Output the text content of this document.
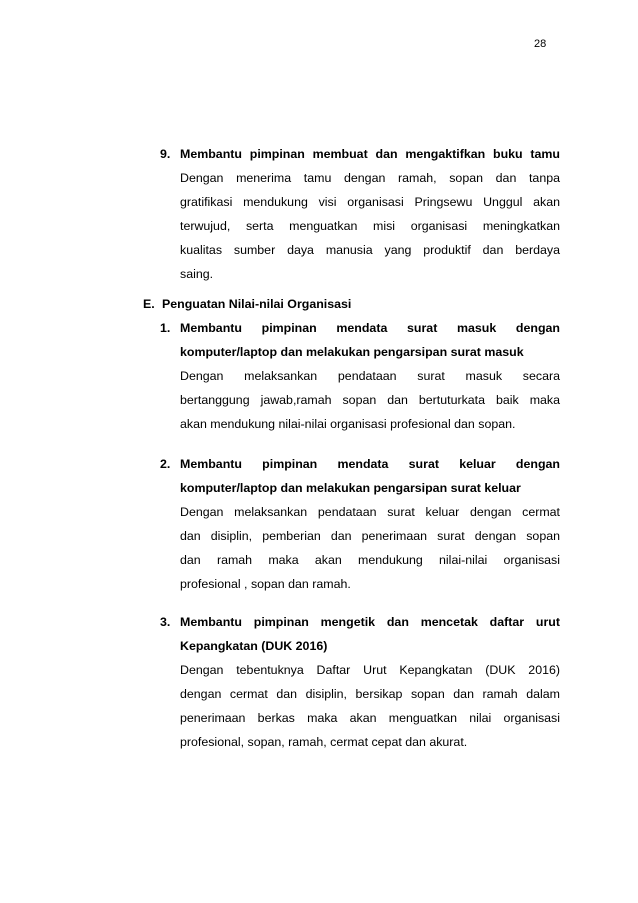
28
9. Membantu pimpinan membuat dan mengaktifkan buku tamu
Dengan menerima tamu dengan ramah, sopan dan tanpa
gratifikasi mendukung visi organisasi Pringsewu Unggul akan
terwujud, serta menguatkan misi organisasi meningkatkan
kualitas sumber daya manusia yang produktif dan berdaya
saing.
E. Penguatan Nilai-nilai Organisasi
1. Membantu pimpinan mendata surat masuk dengan
komputer/laptop dan melakukan pengarsipan surat masuk
Dengan melaksankan pendataan surat masuk secara
bertanggung jawab,ramah sopan dan bertuturkata baik maka
akan mendukung nilai-nilai organisasi profesional dan sopan.
2. Membantu pimpinan mendata surat keluar dengan
komputer/laptop dan melakukan pengarsipan surat keluar
Dengan melaksankan pendataan surat keluar dengan cermat
dan disiplin, pemberian dan penerimaan surat dengan sopan
dan ramah maka akan mendukung nilai-nilai organisasi
profesional , sopan dan ramah.
3. Membantu pimpinan mengetik dan mencetak daftar urut
Kepangkatan (DUK 2016)
Dengan tebentuknya Daftar Urut Kepangkatan (DUK 2016)
dengan cermat dan disiplin, bersikap sopan dan ramah dalam
penerimaan berkas maka akan menguatkan nilai organisasi
profesional, sopan, ramah, cermat cepat dan akurat.
